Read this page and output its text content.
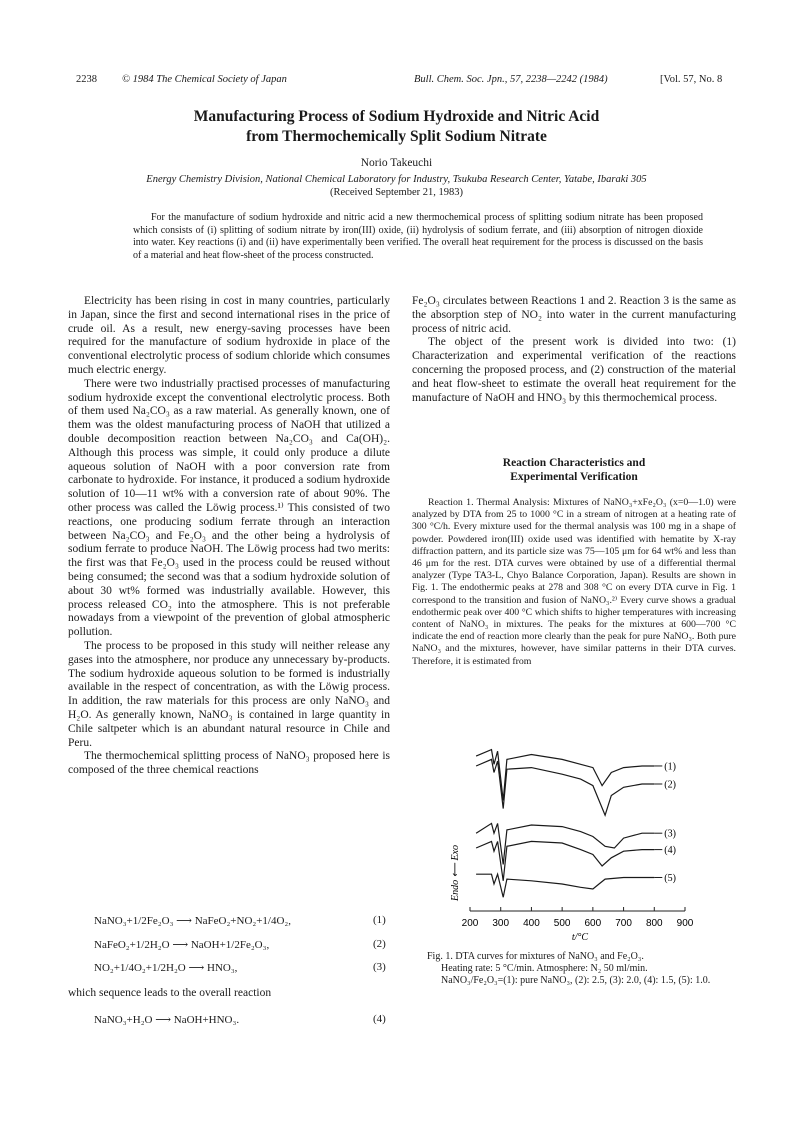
2238 © 1984 The Chemical Society of Japan	Bull. Chem. Soc. Jpn., 57, 2238—2242 (1984)	[Vol. 57, No. 8
Manufacturing Process of Sodium Hydroxide and Nitric Acid
from Thermochemically Split Sodium Nitrate
Norio Takeuchi
Energy Chemistry Division, National Chemical Laboratory for Industry, Tsukuba Research Center, Yatabe, Ibaraki 305
(Received September 21, 1983)
For the manufacture of sodium hydroxide and nitric acid a new thermochemical process of splitting sodium nitrate has been proposed which consists of (i) splitting of sodium nitrate by iron(III) oxide, (ii) hydrolysis of sodium ferrate, and (iii) absorption of nitrogen dioxide into water. Key reactions (i) and (ii) have experimentally been verified. The overall heat requirement for the process is discussed on the basis of a material and heat flow-sheet of the process constructed.

Electricity has been rising in cost in many countries, particularly in Japan, since the first and second international rises in the price of crude oil. As a result, new energy-saving processes have been required for the manufacture of sodium hydroxide in place of the conventional electrolytic process of sodium chloride which consumes much electric energy.

There were two industrially practised processes of manufacturing sodium hydroxide except the conventional electrolytic process. Both of them used Na₂CO₃ as a raw material. As generally known, one of them was the oldest manufacturing process of NaOH that utilized a double decomposition reaction between Na₂CO₃ and Ca(OH)₂. Although this process was simple, it could only produce a dilute aqueous solution of NaOH with a poor conversion rate from carbonate to hydroxide. For instance, it produced a sodium hydroxide solution of 10—11 wt% with a conversion rate of about 90%. The other process was called the Löwig process.¹⁾ This consisted of two reactions, one producing sodium ferrate through an interaction between Na₂CO₃ and Fe₂O₃ and the other being a hydrolysis of sodium ferrate to produce NaOH. The Löwig process had two merits: the first was that Fe₂O₃ used in the process could be reused without being consumed; the second was that a sodium hydroxide solution of about 30 wt% formed was industrially available. However, this process released CO₂ into the atmosphere. This is not preferable nowadays from a viewpoint of the prevention of global atmospheric pollution.

The process to be proposed in this study will neither release any gases into the atmosphere, nor produce any unnecessary by-products. The sodium hydroxide aqueous solution to be formed is industrially available in the respect of concentration, as with the Löwig process. In addition, the raw materials for this process are only NaNO₃ and H₂O. As generally known, NaNO₃ is contained in large quantity in Chile saltpeter which is an abundant natural resource in Chile and Peru.

The thermochemical splitting process of NaNO₃ proposed here is composed of the three chemical reactions

NaNO₃+1/2Fe₂O₃ ⟶ NaFeO₂+NO₂+1/4O₂,	(1)
NaFeO₂+1/2H₂O ⟶ NaOH+1/2Fe₂O₃,	(2)
NO₂+1/4O₂+1/2H₂O ⟶ HNO₃,	(3)
which sequence leads to the overall reaction
NaNO₃+H₂O ⟶ NaOH+HNO₃.	(4)

Fe₂O₃ circulates between Reactions 1 and 2. Reaction 3 is the same as the absorption step of NO₂ into water in the current manufacturing process of nitric acid.

The object of the present work is divided into two: (1) Characterization and experimental verification of the reactions concerning the proposed process, and (2) construction of the material and heat flow-sheet to estimate the overall heat requirement for the manufacture of NaOH and HNO₃ by this thermochemical process.

Reaction Characteristics and
Experimental Verification

Reaction 1. Thermal Analysis: Mixtures of NaNO₃+xFe₂O₃ (x=0—1.0) were analyzed by DTA from 25 to 1000 °C in a stream of nitrogen at a heating rate of 300 °C/h. Every mixture used for the thermal analysis was 100 mg in a shape of powder. Powdered iron(III) oxide used was identified with hematite by X-ray diffraction pattern, and its particle size was 75—105 μm for 64 wt% and less than 46 μm for the rest. DTA curves were obtained by use of a differential thermal analyzer (Type TA3-L, Chyo Balance Corporation, Japan). Results are shown in Fig. 1. The endothermic peaks at 278 and 308 °C on every DTA curve in Fig. 1 correspond to the transition and fusion of NaNO₃.²⁾ Every curve shows a gradual endothermic peak over 400 °C which shifts to higher temperatures with increasing content of NaNO₃ in mixtures. The peaks for the mixtures at 600—700 °C indicate the end of reaction more clearly than the peak for pure NaNO₃. Both pure NaNO₃ and the mixtures, however, have similar patterns in their DTA curves. Therefore, it is estimated from

Endo ⟵ Exo
(1)
(2)
(3)
(4)
(5)
200 300 400 500 600 700 800 900
t/°C
Fig. 1. DTA curves for mixtures of NaNO₃ and Fe₂O₃.
Heating rate: 5 °C/min. Atmosphere: N₂ 50 ml/min.
NaNO₃/Fe₂O₃=(1): pure NaNO₃, (2): 2.5, (3): 2.0, (4): 1.5, (5): 1.0.
